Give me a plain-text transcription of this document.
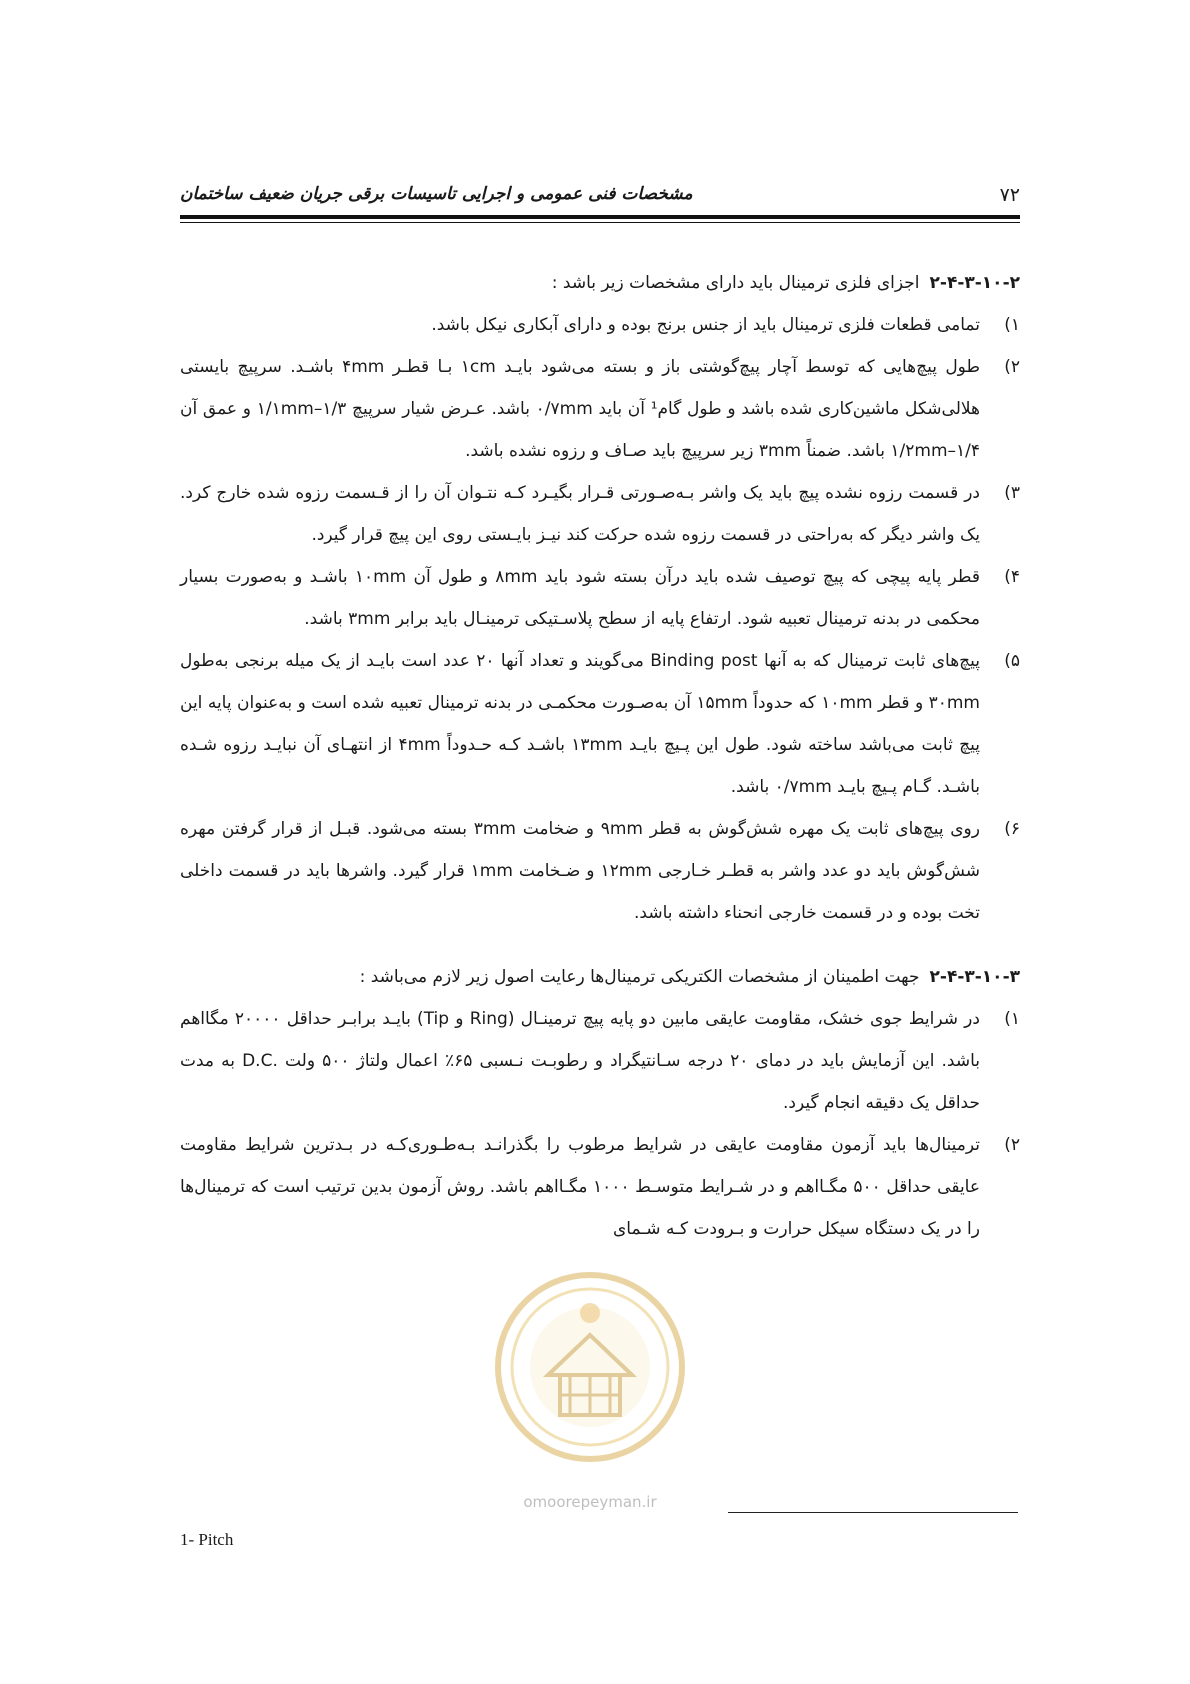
مشخصات فنی عمومی و اجرایی تاسیسات برقی جریان ضعیف ساختمان	۷۲

۲-۴-۳-۱۰-۲اجزای فلزی ترمینال باید دارای مشخصات زیر باشد :

۱)
تمامی قطعات فلزی ترمینال باید از جنس برنج بوده و دارای آبکاری نیکل باشد.

۲)
طول پیچ‌هایی که توسط آچار پیچ‌گوشتی باز و بسته می‌شود بایـد ۱cm بـا قطـر ۴mm باشـد. سرپیچ بایستی هلالی‌شکل ماشین‌کاری شده باشد و طول گام¹ آن باید ۰/۷mm باشد. عـرض شیار سرپیچ ۱/۳–۱/۱mm و عمق آن ۱/۴–۱/۲mm باشد. ضمناً ۳mm زیر سرپیچ باید صـاف و رزوه نشده باشد.

۳)
در قسمت رزوه نشده پیچ باید یک واشر بـه‌صـورتی قـرار بگیـرد کـه نتـوان آن را از قـسمت رزوه شده خارج کرد. یک واشر دیگر که به‌راحتی در قسمت رزوه شده حرکت کند نیـز بایـستی روی این پیچ قرار گیرد.

۴)
قطر پایه پیچی که پیچ توصیف شده باید درآن بسته شود باید ۸mm و طول آن ۱۰mm باشـد و به‌صورت بسیار محکمی در بدنه ترمینال تعبیه شود. ارتفاع پایه از سطح پلاسـتیکی ترمینـال باید برابر ۳mm باشد.

۵)
پیچ‌های ثابت ترمینال که به آنها Binding post می‌گویند و تعداد آنها ۲۰ عدد است بایـد از یک میله برنجی به‌طول ۳۰mm و قطر ۱۰mm که حدوداً ۱۵mm آن به‌صـورت محکمـی در بدنه ترمینال تعبیه شده است و به‌عنوان پایه این پیچ ثابت می‌باشد ساخته شود. طول این پـیچ بایـد ۱۳mm باشـد کـه حـدوداً ۴mm از انتهـای آن نبایـد رزوه شـده باشـد. گـام پـیچ بایـد ۰/۷mm باشد.

۶)
روی پیچ‌های ثابت یک مهره شش‌گوش به قطر ۹mm و ضخامت ۳mm بسته می‌شود. قبـل از قرار گرفتن مهره شش‌گوش باید دو عدد واشر به قطـر خـارجی ۱۲mm و ضـخامت ۱mm قرار گیرد. واشرها باید در قسمت داخلی تخت بوده و در قسمت خارجی انحناء داشته باشد.

۲-۴-۳-۱۰-۳جهت اطمینان از مشخصات الکتریکی ترمینال‌ها رعایت اصول زیر لازم می‌باشد :

۱)
در شرایط جوی خشک، مقاومت عایقی مابین دو پایه پیچ ترمینـال (Ring و Tip) بایـد برابـر حداقل ۲۰۰۰۰ مگااهم باشد. این آزمایش باید در دمای ۲۰ درجه سـانتیگراد و رطوبـت نـسبی ۶۵٪ اعمال ولتاژ ۵۰۰ ولت .D.C به مدت حداقل یک دقیقه انجام گیرد.

۲)
ترمینال‌ها باید آزمون مقاومت عایقی در شرایط مرطوب را بگذرانـد بـه‌طـوری‌کـه در بـدترین شرایط مقاومت عایقی حداقل ۵۰۰ مگـااهم و در شـرایط متوسـط ۱۰۰۰ مگـااهم باشد. روش آزمون بدین ترتیب است که ترمینال‌ها را در یک دستگاه سیکل حرارت و بـرودت کـه شـمای

1- Pitch
omoorepeyman.ir
